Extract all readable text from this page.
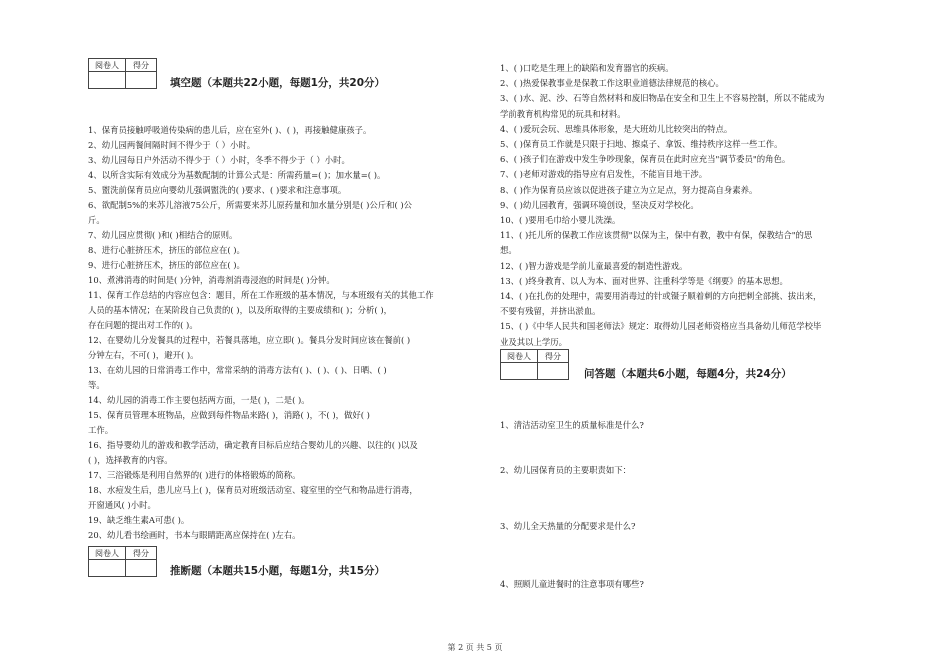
阅卷人	得分

填空题（本题共22小题，每题1分，共20分）
1、保育员接触呼吸道传染病的患儿后，应在室外( )、( )，再接触健康孩子。
2、幼儿园两餐间隔时间不得少于（ ）小时。
3、幼儿园每日户外活动不得少于（ ）小时，冬季不得少于（ ）小时。
4、以所含实际有效成分为基数配制的计算公式是：所需药量=( )；加水量=( )。
5、盥洗前保育员应向婴幼儿强调盥洗的( )要求、( )要求和注意事项。
6、欲配制5%的来苏儿溶液75公斤，所需要来苏儿原药量和加水量分别是( )公斤和( )公
斤。
7、幼儿园应贯彻( )和( )相结合的原则。
8、进行心脏挤压术，挤压的部位应在( )。
9、进行心脏挤压术，挤压的部位应在( )。
10、煮沸消毒的时间是( )分钟，消毒剂消毒浸泡的时间是( )分钟。
11、保育工作总结的内容应包含：题目，所在工作班级的基本情况，与本班级有关的其他工作
人员的基本情况；在某阶段自己负责的( )，以及所取得的主要成绩和( )；分析( )，
存在问题的提出对工作的( )。
12、在婴幼儿分发餐具的过程中，若餐具落地，应立即( )。餐具分发时间应该在餐前( )
分钟左右，不可( )，避开( )。
13、在幼儿园的日常消毒工作中，常常采纳的消毒方法有( )、( )、( )、日晒、( )
等。
14、幼儿园的消毒工作主要包括两方面，一是( )，二是( )。
15、保育员管理本班物品，应做到每件物品来路( )，消路( )，不( )，做好( )
工作。
16、指导婴幼儿的游戏和教学活动，确定教育目标后应结合婴幼儿的兴趣、以往的( )以及
( )，选择教育的内容。
17、三浴锻炼是利用自然界的( )进行的体格锻炼的简称。
18、水痘发生后，患儿应马上( )，保育员对班级活动室、寝室里的空气和物品进行消毒，
开窗通风( )小时。
19、缺乏维生素A可患( )。
20、幼儿看书绘画时，书本与眼睛距离应保持在( )左右。
阅卷人	得分

推断题（本题共15小题，每题1分，共15分）
1、( )口吃是生理上的缺陷和发育器官的疾病。
2、( )热爱保教事业是保教工作这职业道德法律规范的核心。
3、( )水、泥、沙、石等自然材料和废旧物品在安全和卫生上不容易控制，所以不能成为
学前教育机构常见的玩具和材料。
4、( )爱玩会玩、思维具体形象，是大班幼儿比较突出的特点。
5、( )保育员工作就是只限于扫地、擦桌子、拿饭、维持秩序这样一些工作。
6、( )孩子们在游戏中发生争吵现象，保育员在此时应充当"调节委员"的角色。
7、( )老师对游戏的指导应有启发性，不能盲目地干涉。
8、( )作为保育员应该以促进孩子建立为立足点，努力提高自身素养。
9、( )幼儿园教育，强调环境创设，坚决反对学校化。
10、( )要用毛巾给小婴儿洗澡。
11、( )托儿所的保教工作应该贯彻"以保为主，保中有教，教中有保，保教结合"的思
想。
12、( )智力游戏是学前儿童最喜爱的制造性游戏。
13、( )终身教育、以人为本、面对世界、注重科学等是《纲要》的基本思想。
14、( )在扎伤的处理中，需要用消毒过的针或镊子顺着刺的方向把刺全部挑、拔出来，
不要有残留，并挤出淤血。
15、( )《中华人民共和国老师法》规定：取得幼儿园老师资格应当具备幼儿师范学校毕
业及其以上学历。
阅卷人	得分

问答题（本题共6小题，每题4分，共24分）
1、清洁活动室卫生的质量标准是什么?
2、幼儿园保育员的主要职责如下：
3、幼儿全天热量的分配要求是什么?
4、照顾儿童进餐时的注意事项有哪些?
第 2 页 共 5 页
